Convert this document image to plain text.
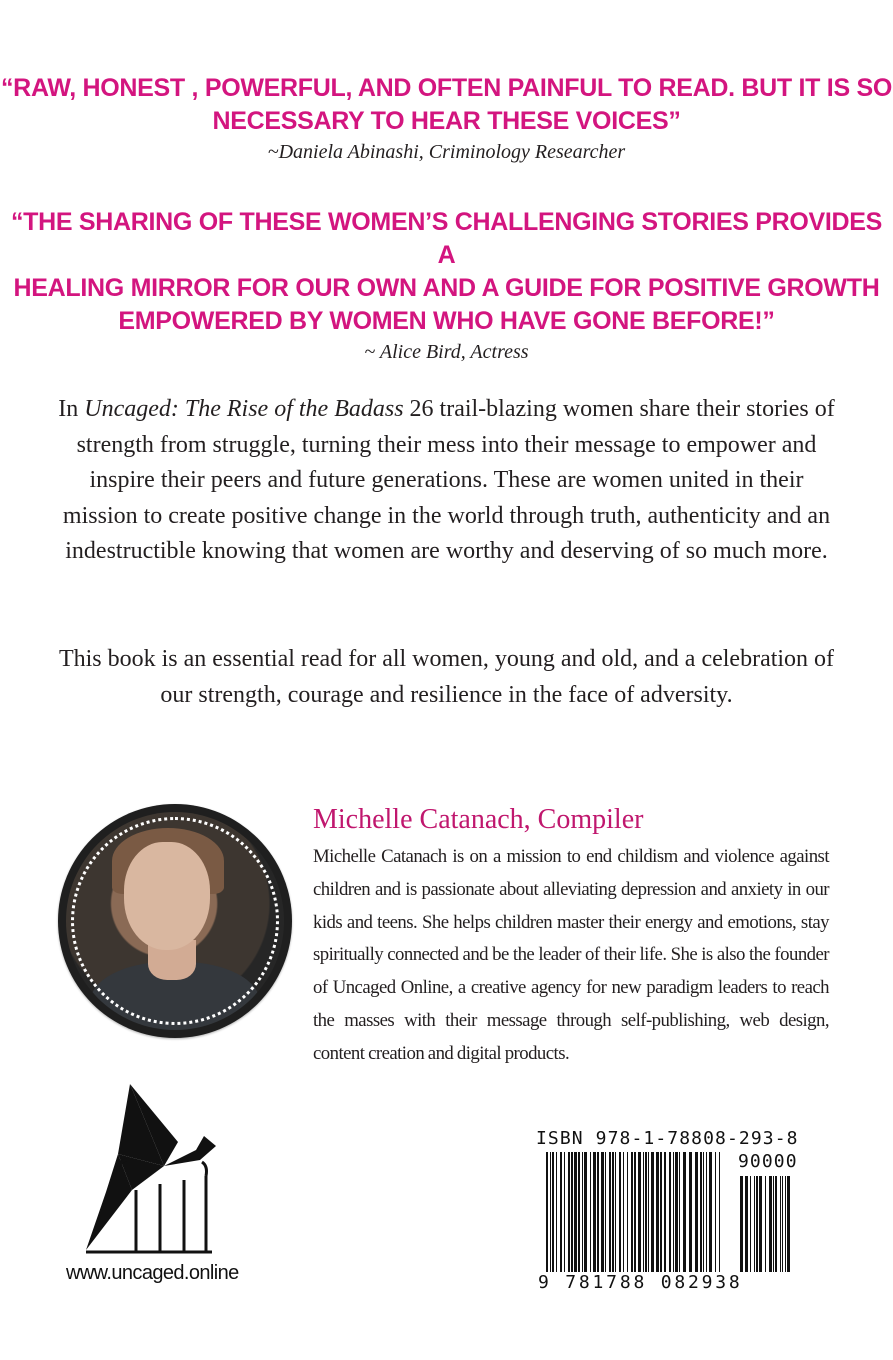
“RAW, HONEST , POWERFUL, AND OFTEN PAINFUL TO READ. BUT IT IS SO
NECESSARY TO HEAR THESE VOICES”
~Daniela Abinashi, Criminology Researcher
“THE SHARING OF THESE WOMEN’S CHALLENGING STORIES PROVIDES A
HEALING MIRROR FOR OUR OWN AND A GUIDE FOR POSITIVE GROWTH
EMPOWERED BY WOMEN WHO HAVE GONE BEFORE!”
~ Alice Bird, Actress
In Uncaged: The Rise of the Badass 26 trail-blazing women share their stories of strength from struggle, turning their mess into their message to empower and inspire their peers and future generations. These are women united in their mission to create positive change in the world through truth, authenticity and an indestructible knowing that women are worthy and deserving of so much more.
This book is an essential read for all women, young and old, and a celebration of our strength, courage and resilience in the face of adversity.
Michelle Catanach, Compiler
Michelle Catanach is on a mission to end childism and violence against children and is passionate about alleviating depression and anxiety in our kids and teens. She helps children master their energy and emotions, stay spiritually connected and be the leader of their life. She is also the founder of Uncaged Online, a creative agency for new paradigm leaders to reach the masses with their message through self-publishing, web design, content creation and digital products.
www.uncaged.online
ISBN 978-1-78808-293-8
90000
9 781788 082938
